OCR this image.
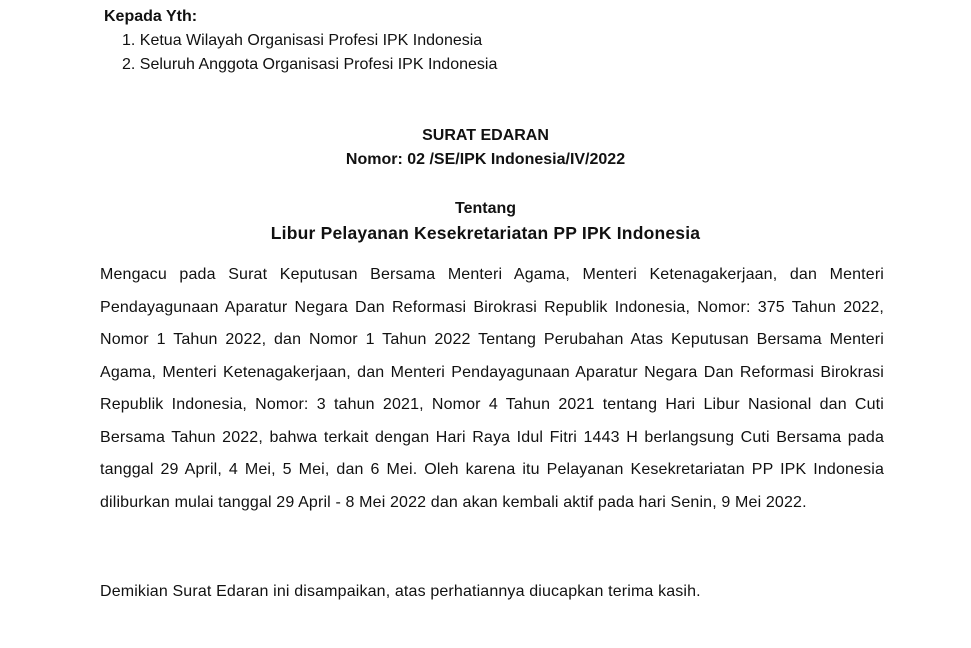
Kepada Yth:
1. Ketua Wilayah Organisasi Profesi IPK Indonesia
2. Seluruh Anggota Organisasi Profesi IPK Indonesia
SURAT EDARAN
Nomor: 02 /SE/IPK Indonesia/IV/2022
Tentang
Libur Pelayanan Kesekretariatan PP IPK Indonesia
Mengacu pada Surat Keputusan Bersama Menteri Agama, Menteri Ketenagakerjaan, dan Menteri Pendayagunaan Aparatur Negara Dan Reformasi Birokrasi Republik Indonesia, Nomor: 375 Tahun 2022, Nomor 1 Tahun 2022, dan Nomor 1 Tahun 2022 Tentang Perubahan Atas Keputusan Bersama Menteri Agama, Menteri Ketenagakerjaan, dan Menteri Pendayagunaan Aparatur Negara Dan Reformasi Birokrasi Republik Indonesia, Nomor: 3 tahun 2021, Nomor 4 Tahun 2021 tentang Hari Libur Nasional dan Cuti Bersama Tahun 2022, bahwa terkait dengan Hari Raya Idul Fitri 1443 H berlangsung Cuti Bersama pada tanggal 29 April, 4 Mei, 5 Mei, dan 6 Mei. Oleh karena itu Pelayanan Kesekretariatan PP IPK Indonesia diliburkan mulai tanggal 29 April - 8 Mei 2022 dan akan kembali aktif pada hari Senin, 9 Mei 2022.
Demikian Surat Edaran ini disampaikan, atas perhatiannya diucapkan terima kasih.
